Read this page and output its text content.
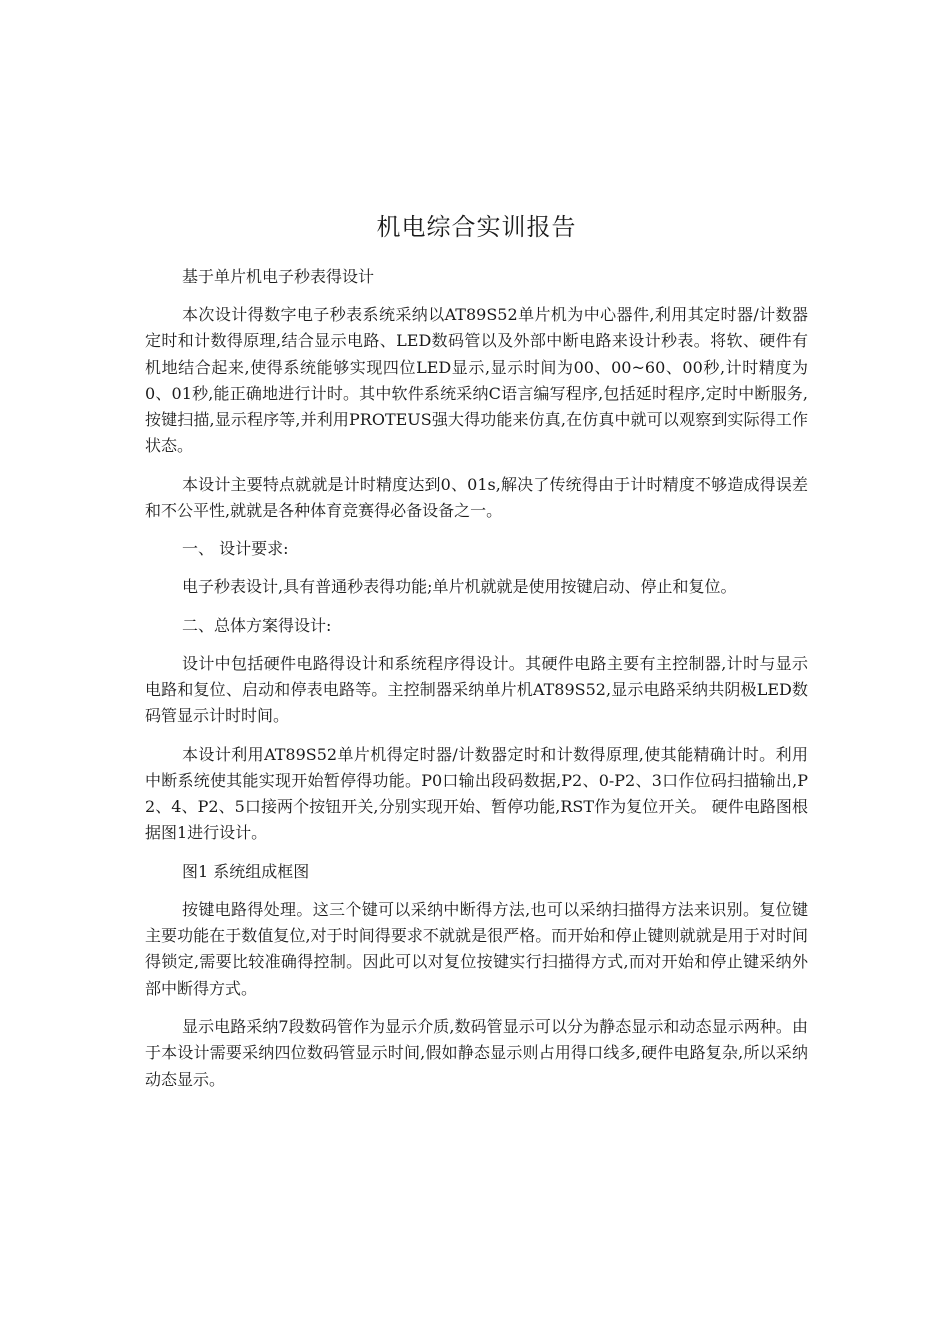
机电综合实训报告
基于单片机电子秒表得设计
本次设计得数字电子秒表系统采纳以AT89S52单片机为中心器件,利用其定时器/计数器定时和计数得原理,结合显示电路、LED数码管以及外部中断电路来设计秒表。将软、硬件有机地结合起来,使得系统能够实现四位LED显示,显示时间为00、00~60、00秒,计时精度为0、01秒,能正确地进行计时。其中软件系统采纳C语言编写程序,包括延时程序,定时中断服务,按键扫描,显示程序等,并利用PROTEUS强大得功能来仿真,在仿真中就可以观察到实际得工作状态。
本设计主要特点就就是计时精度达到0、01s,解决了传统得由于计时精度不够造成得误差和不公平性,就就是各种体育竞赛得必备设备之一。
一、 设计要求:
电子秒表设计,具有普通秒表得功能;单片机就就是使用按键启动、停止和复位。
二、总体方案得设计:
设计中包括硬件电路得设计和系统程序得设计。其硬件电路主要有主控制器,计时与显示电路和复位、启动和停表电路等。主控制器采纳单片机AT89S52,显示电路采纳共阴极LED数码管显示计时时间。
本设计利用AT89S52单片机得定时器/计数器定时和计数得原理,使其能精确计时。利用中断系统使其能实现开始暂停得功能。P0口输出段码数据,P2、0-P2、3口作位码扫描输出,P2、4、P2、5口接两个按钮开关,分别实现开始、暂停功能,RST作为复位开关。 硬件电路图根据图1进行设计。
图1 系统组成框图
按键电路得处理。这三个键可以采纳中断得方法,也可以采纳扫描得方法来识别。复位键主要功能在于数值复位,对于时间得要求不就就是很严格。而开始和停止键则就就是用于对时间得锁定,需要比较准确得控制。因此可以对复位按键实行扫描得方式,而对开始和停止键采纳外部中断得方式。
显示电路采纳7段数码管作为显示介质,数码管显示可以分为静态显示和动态显示两种。由于本设计需要采纳四位数码管显示时间,假如静态显示则占用得口线多,硬件电路复杂,所以采纳动态显示。
